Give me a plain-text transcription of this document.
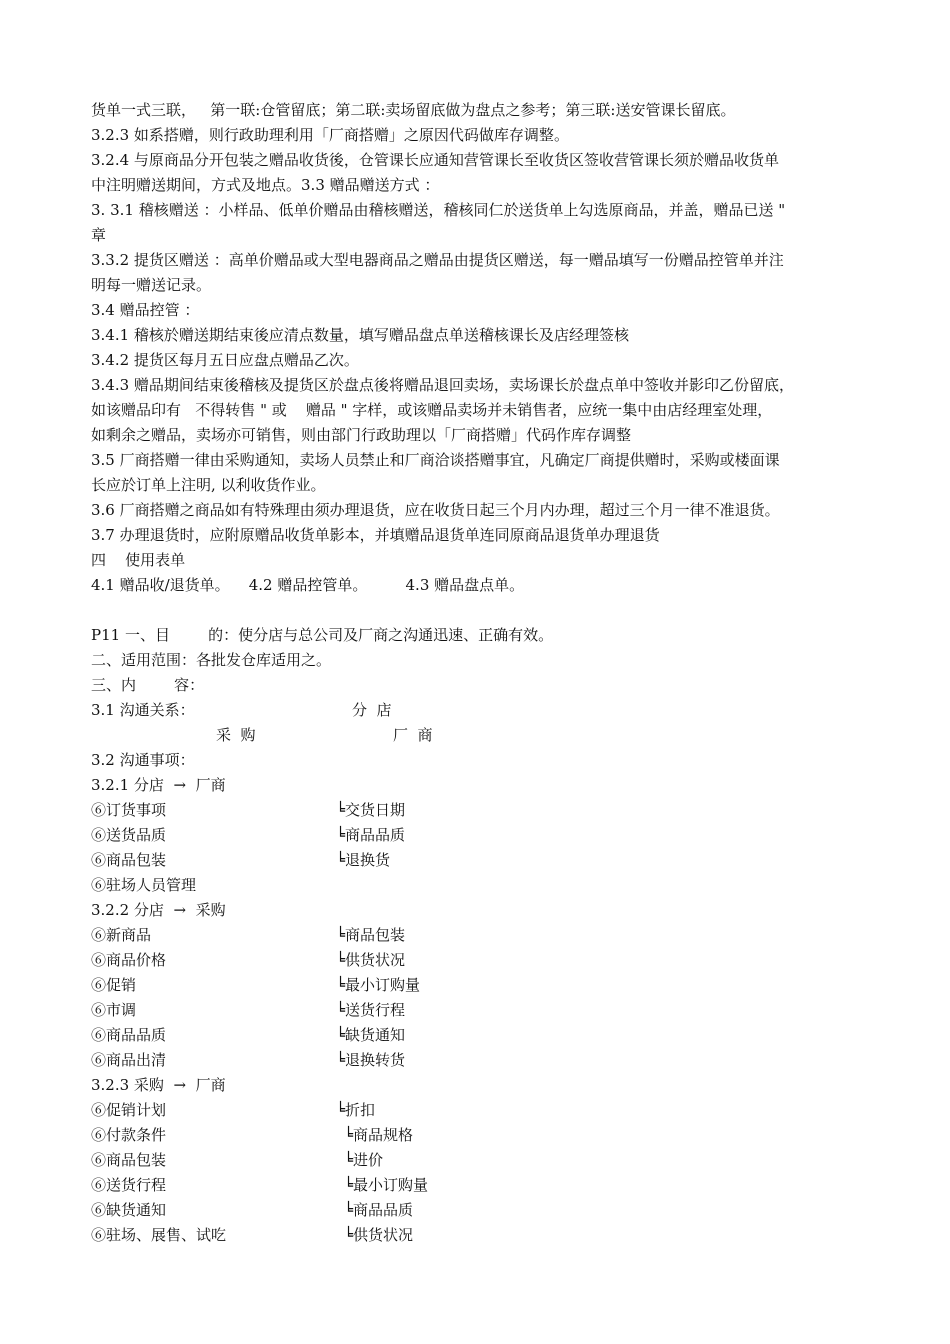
货单一式三联，   第一联:仓管留底；第二联:卖场留底做为盘点之参考；第三联:送安管课长留底。
3.2.3 如系搭赠，则行政助理利用「厂商搭赠」之原因代码做库存调整。
3.2.4 与原商品分开包装之赠品收货後，仓管课长应通知营管课长至收货区签收营管课长须於赠品收货单
中注明赠送期间，方式及地点。3.3 赠品赠送方式 ：
3. 3.1 稽核赠送 ：小样品、低单价赠品由稽核赠送，稽核同仁於送货单上勾选原商品，并盖，赠品已送 "
章
3.3.2 提货区赠送 ：高单价赠品或大型电器商品之赠品由提货区赠送，每一赠品填写一份赠品控管单并注
明每一赠送记录。
3.4 赠品控管 ：
3.4.1 稽核於赠送期结束後应清点数量，填写赠品盘点单送稽核课长及店经理签核
3.4.2 提货区每月五日应盘点赠品乙次。
3.4.3 赠品期间结束後稽核及提货区於盘点後将赠品退回卖场，卖场课长於盘点单中签收并影印乙份留底，
如该赠品印有   不得转售 " 或    赠品 " 字样，或该赠品卖场并未销售者，应统一集中由店经理室处理，
如剩余之赠品，卖场亦可销售，则由部门行政助理以「厂商搭赠」代码作库存调整
3.5 厂商搭赠一律由采购通知，卖场人员禁止和厂商洽谈搭赠事宜，凡确定厂商提供赠时，采购或楼面课
长应於订单上注明, 以利收货作业。
3.6 厂商搭赠之商品如有特殊理由须办理退货，应在收货日起三个月内办理，超过三个月一律不准退货。
3.7 办理退货时，应附原赠品收货单影本，并填赠品退货单连同原商品退货单办理退货
四    使用表单
4.1 赠品收/退货单。    4.2 赠品控管单。        4.3 赠品盘点单。
P11 一、目        的：使分店与总公司及厂商之沟通迅速、正确有效。
二、适用范围：各批发仓库适用之。
三、内        容：
3.1 沟通关系：	分  店
采  购	厂  商
3.2 沟通事项：
3.2.1 分店  →  厂商
⑥订货事项	╘交货日期
⑥送货品质	╘商品品质
⑥商品包装	╘退换货
⑥驻场人员管理
3.2.2 分店  →  采购
⑥新商品	╘商品包装
⑥商品价格	╘供货状况
⑥促销	╘最小订购量
⑥市调	╘送货行程
⑥商品品质	╘缺货通知
⑥商品出清	╘退换转货
3.2.3 采购  →  厂商
⑥促销计划	╘折扣
⑥付款条件	╘商品规格
⑥商品包装	╘进价
⑥送货行程	╘最小订购量
⑥缺货通知	╘商品品质
⑥驻场、展售、试吃	╘供货状况
